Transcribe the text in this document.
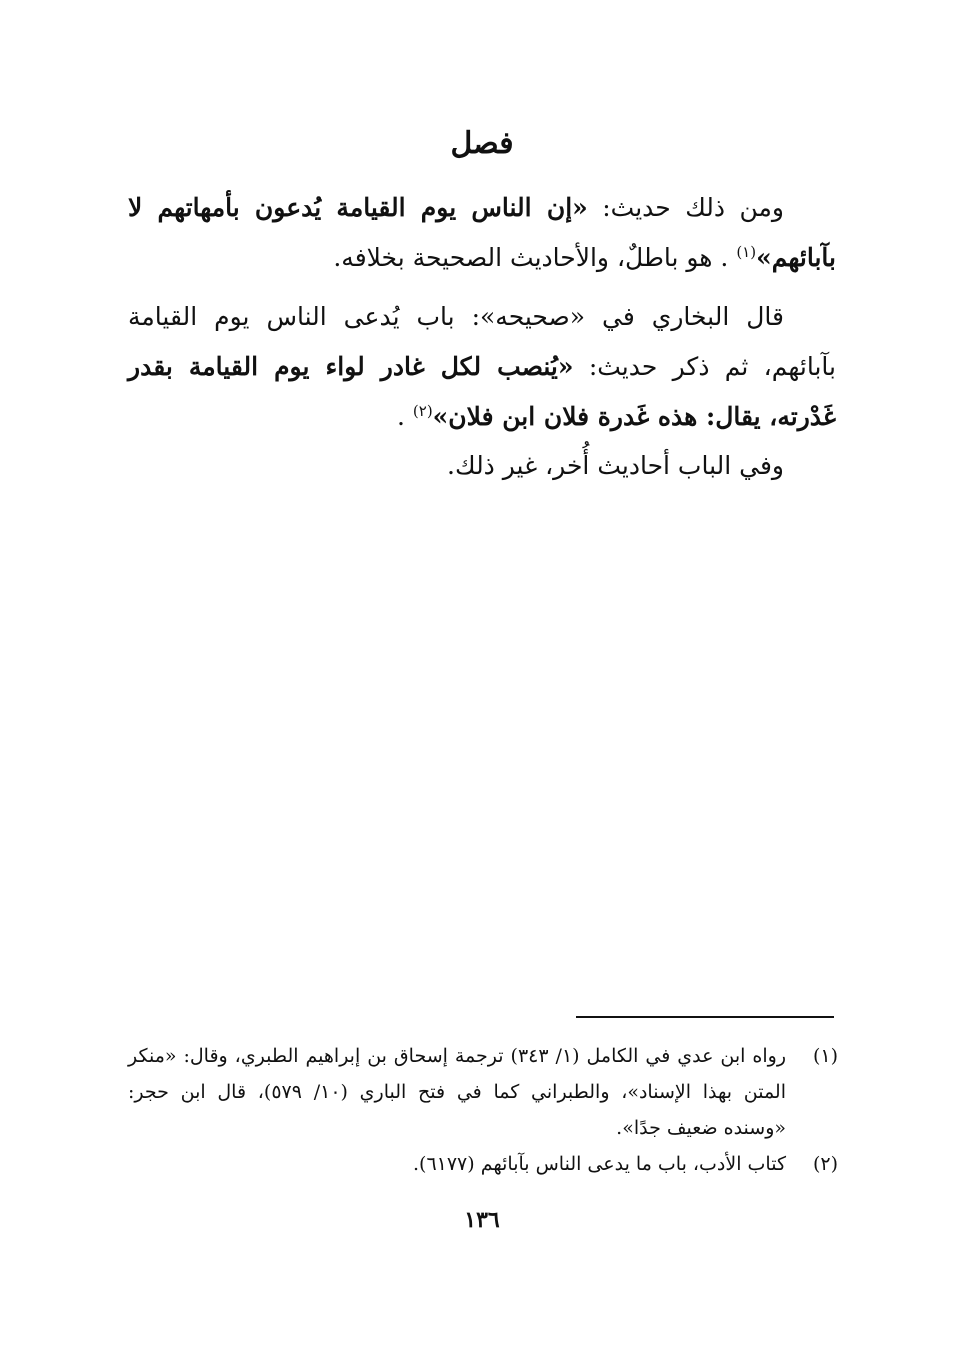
فصل

ومن ذلك حديث: «إن الناس يوم القيامة يُدعون بأمهاتهم لا بآبائهم»$^{(١)}$ . هو باطلٌ، والأحاديث الصحيحة بخلافه.

قال البخاري في «صحيحه»: باب يُدعى الناس يوم القيامة بآبائهم، ثم ذكر حديث: «يُنصب لكل غادر لواء يوم القيامة بقدر غَدْرته، يقال: هذه غَدرة فلان ابن فلان»$^{(٢)}$ .

وفي الباب أحاديث أُخر، غير ذلك.

(١)
رواه ابن عدي في الكامل (١/ ٣٤٣) ترجمة إسحاق بن إبراهيم الطبري، وقال: «منكر المتن بهذا الإسناد»، والطبراني كما في فتح الباري (١٠/ ٥٧٩)، قال ابن حجر: «وسنده ضعيف جدًا».
(٢)
كتاب الأدب، باب ما يدعى الناس بآبائهم (٦١٧٧).
١٣٦
